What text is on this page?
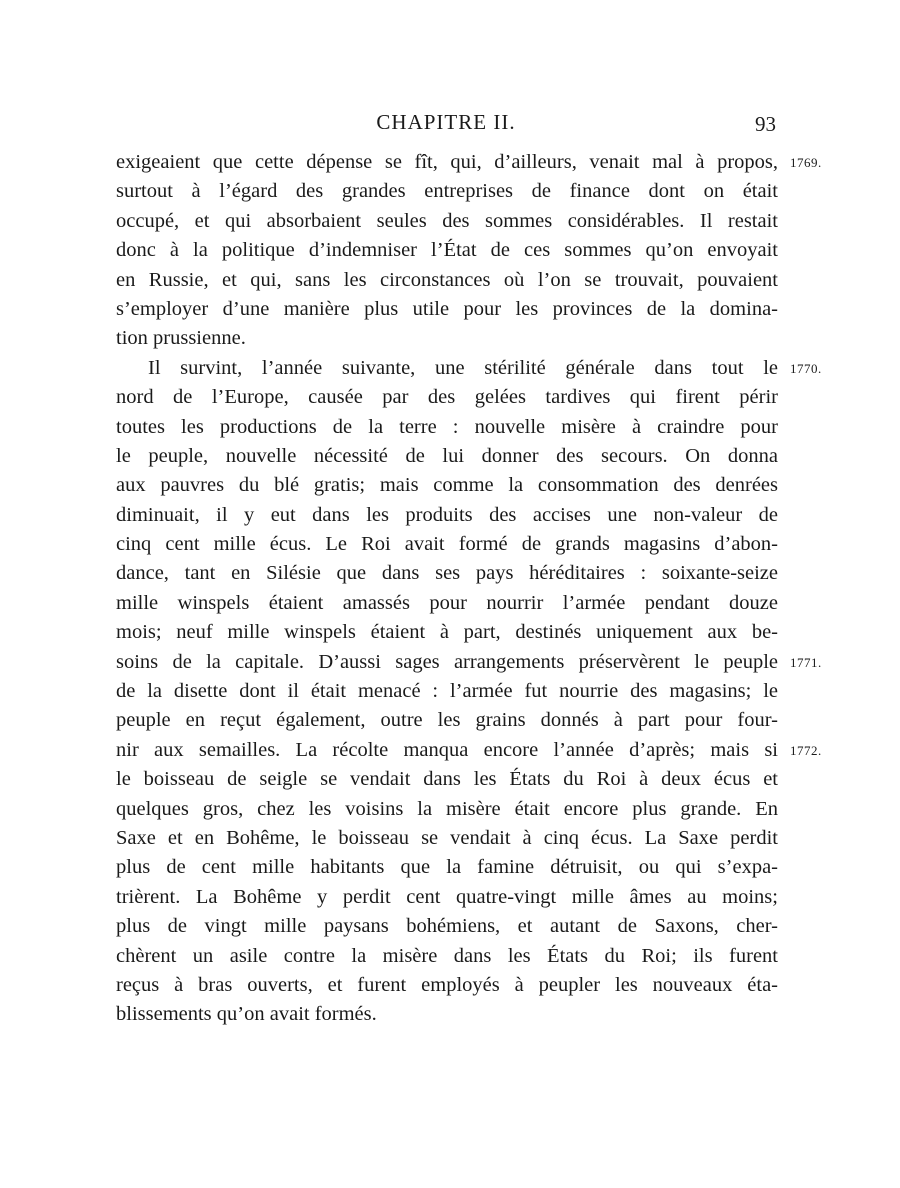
CHAPITRE II.	93
exigeaient que cette dépense se fît, qui, d’ailleurs, venait mal à propos, 1769.
surtout à l’égard des grandes entreprises de finance dont on était
occupé, et qui absorbaient seules des sommes considérables. Il restait
donc à la politique d’indemniser l’État de ces sommes qu’on envoyait
en Russie, et qui, sans les circonstances où l’on se trouvait, pouvaient
s’employer d’une manière plus utile pour les provinces de la domina-
tion prussienne.
Il survint, l’année suivante, une stérilité générale dans tout le 1770.
nord de l’Europe, causée par des gelées tardives qui firent périr
toutes les productions de la terre : nouvelle misère à craindre pour
le peuple, nouvelle nécessité de lui donner des secours. On donna
aux pauvres du blé gratis; mais comme la consommation des denrées
diminuait, il y eut dans les produits des accises une non-valeur de
cinq cent mille écus. Le Roi avait formé de grands magasins d’abon-
dance, tant en Silésie que dans ses pays héréditaires : soixante-seize
mille winspels étaient amassés pour nourrir l’armée pendant douze
mois; neuf mille winspels étaient à part, destinés uniquement aux be-
soins de la capitale. D’aussi sages arrangements préservèrent le peuple 1771.
de la disette dont il était menacé : l’armée fut nourrie des magasins; le
peuple en reçut également, outre les grains donnés à part pour four-
nir aux semailles. La récolte manqua encore l’année d’après; mais si 1772.
le boisseau de seigle se vendait dans les États du Roi à deux écus et
quelques gros, chez les voisins la misère était encore plus grande. En
Saxe et en Bohême, le boisseau se vendait à cinq écus. La Saxe perdit
plus de cent mille habitants que la famine détruisit, ou qui s’expa-
trièrent. La Bohême y perdit cent quatre-vingt mille âmes au moins;
plus de vingt mille paysans bohémiens, et autant de Saxons, cher-
chèrent un asile contre la misère dans les États du Roi; ils furent
reçus à bras ouverts, et furent employés à peupler les nouveaux éta-
blissements qu’on avait formés.
